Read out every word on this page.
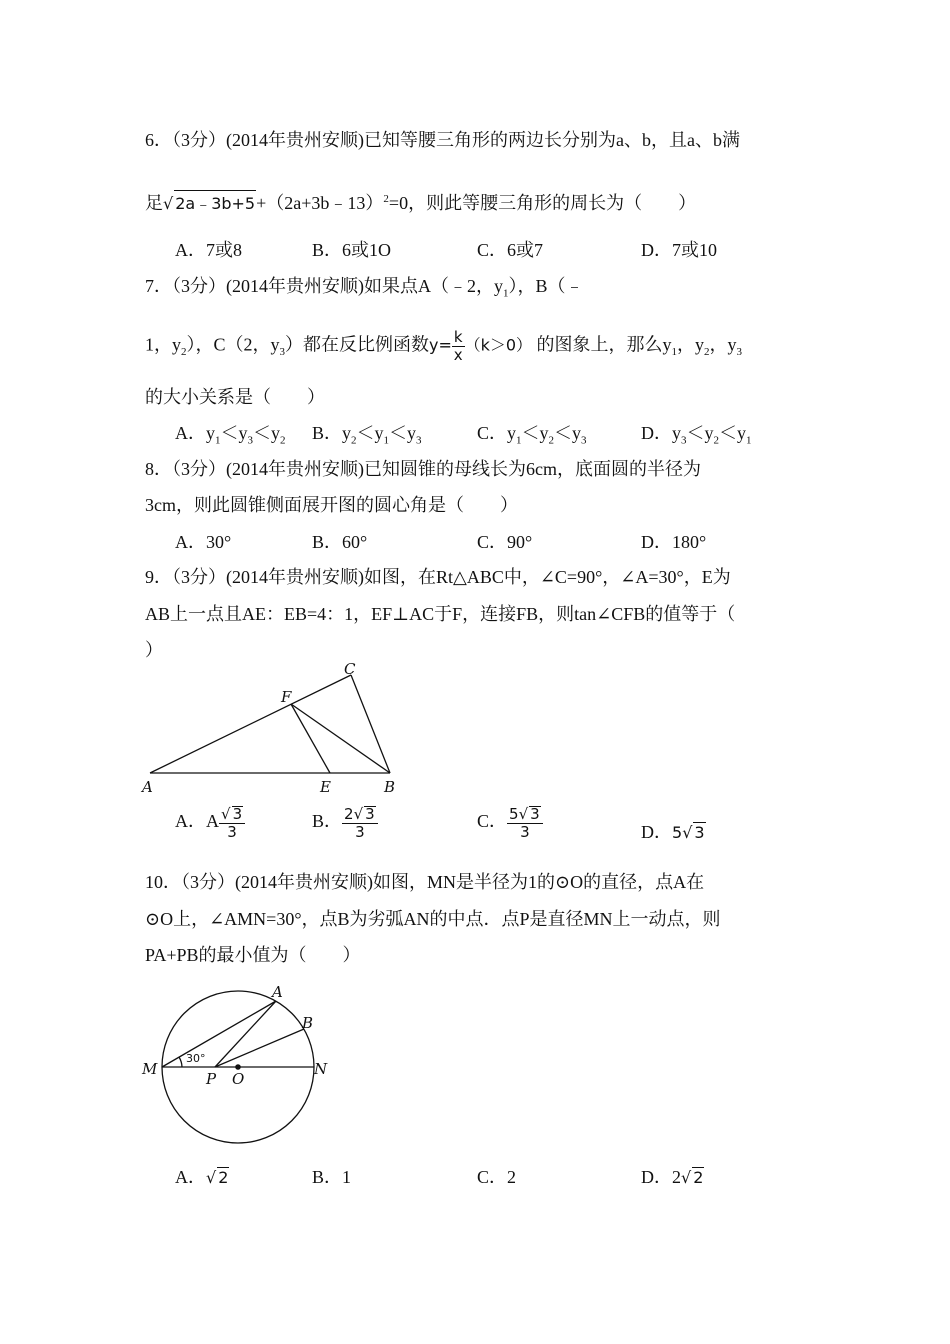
6．（3分）(2014年贵州安顺)已知等腰三角形的两边长分别为a、b，且a、b满
足√ 2a﹣3b+5+（2a+3b﹣13）$^2$=0，则此等腰三角形的周长为（　　）
A．7或8	B．6或1O	C．6或7	D．7或10
7．（3分）(2014年贵州安顺)如果点A（﹣2，$y_1$），B（﹣
1，$y_2$），C（2，$y_3$）都在反比例函数$y= \frac{k}{x} (k>0)$ 的图象上，那么$y_1$，$y_2$，$y_3$
的大小关系是（　　）
A．$y_1<y_3<y_2$ B．$y_2<y_1<y_3$	C．$y_1<y_2<y_3$	D．$y_3<y_2<y_1$
8．（3分）(2014年贵州安顺)已知圆锥的母线长为6cm，底面圆的半径为
3cm，则此圆锥侧面展开图的圆心角是（　　）
A．30°	B．60°	C．90°	D．180°
9．（3分）(2014年贵州安顺)如图，在Rt△ABC中，∠C=90°，∠A=30°，E为
AB上一点且AE：EB=4：1，EF⊥AC于F，连接FB，则tan∠CFB的值等于（
）
A
C
F
E	B
A．A $\frac{√ 3}{3}$	B． $\frac{2√ 3}{3}$	C． $\frac{5√ 3}{3}$	D．5√ 3
10．（3分）(2014年贵州安顺)如图，MN是半径为1的⊙O的直径，点A在
⊙O上，∠AMN=30°，点B为劣弧AN的中点．点P是直径MN上一动点，则
PA+PB的最小值为（　　）
M	N
A
B
P O
30°
A．√ 2	B．1	C．2	D．2√ 2
